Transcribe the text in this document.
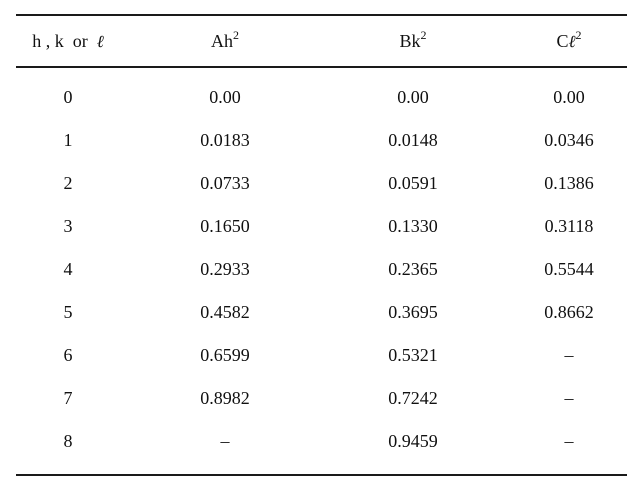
h , k  or  ℓ	Ah$^2$	Bk$^2$	Cℓ$^2$
0	0.00	0.00	0.00
1	0.0183	0.0148	0.0346
2	0.0733	0.0591	0.1386
3	0.1650	0.1330	0.3118
4	0.2933	0.2365	0.5544
5	0.4582	0.3695	0.8662
6	0.6599	0.5321	–
7	0.8982	0.7242	–
8	–	0.9459	–
